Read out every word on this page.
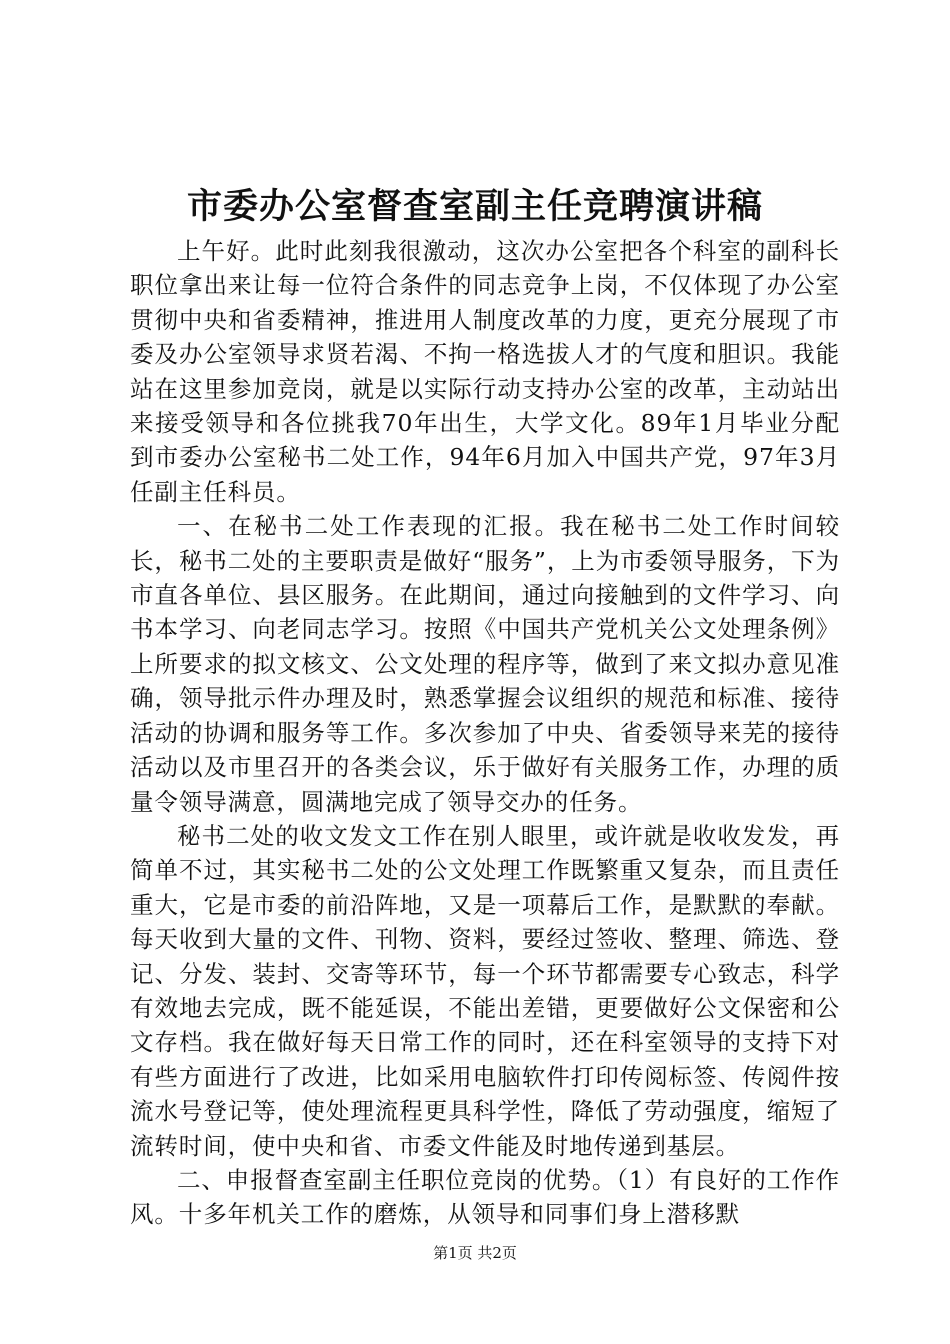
市委办公室督查室副主任竞聘演讲稿

上午好。此时此刻我很激动，这次办公室把各个科室的副科长职位拿出来让每一位符合条件的同志竞争上岗，不仅体现了办公室贯彻中央和省委精神，推进用人制度改革的力度，更充分展现了市委及办公室领导求贤若渴、不拘一格选拔人才的气度和胆识。我能站在这里参加竞岗，就是以实际行动支持办公室的改革，主动站出来接受领导和各位挑我70年出生，大学文化。89年1月毕业分配到市委办公室秘书二处工作，94年6月加入中国共产党，97年3月任副主任科员。

一、在秘书二处工作表现的汇报。我在秘书二处工作时间较长，秘书二处的主要职责是做好“服务”，上为市委领导服务，下为市直各单位、县区服务。在此期间，通过向接触到的文件学习、向书本学习、向老同志学习。按照《中国共产党机关公文处理条例》上所要求的拟文核文、公文处理的程序等，做到了来文拟办意见准确，领导批示件办理及时，熟悉掌握会议组织的规范和标准、接待活动的协调和服务等工作。多次参加了中央、省委领导来芜的接待活动以及市里召开的各类会议，乐于做好有关服务工作，办理的质量令领导满意，圆满地完成了领导交办的任务。

秘书二处的收文发文工作在别人眼里，或许就是收收发发，再简单不过，其实秘书二处的公文处理工作既繁重又复杂，而且责任重大，它是市委的前沿阵地，又是一项幕后工作，是默默的奉献。每天收到大量的文件、刊物、资料，要经过签收、整理、筛选、登记、分发、装封、交寄等环节，每一个环节都需要专心致志，科学有效地去完成，既不能延误，不能出差错，更要做好公文保密和公文存档。我在做好每天日常工作的同时，还在科室领导的支持下对有些方面进行了改进，比如采用电脑软件打印传阅标签、传阅件按流水号登记等，使处理流程更具科学性，降低了劳动强度，缩短了流转时间，使中央和省、市委文件能及时地传递到基层。

二、申报督查室副主任职位竞岗的优势。（1）有良好的工作作风。十多年机关工作的磨炼，从领导和同事们身上潜移默

第1页 共2页
